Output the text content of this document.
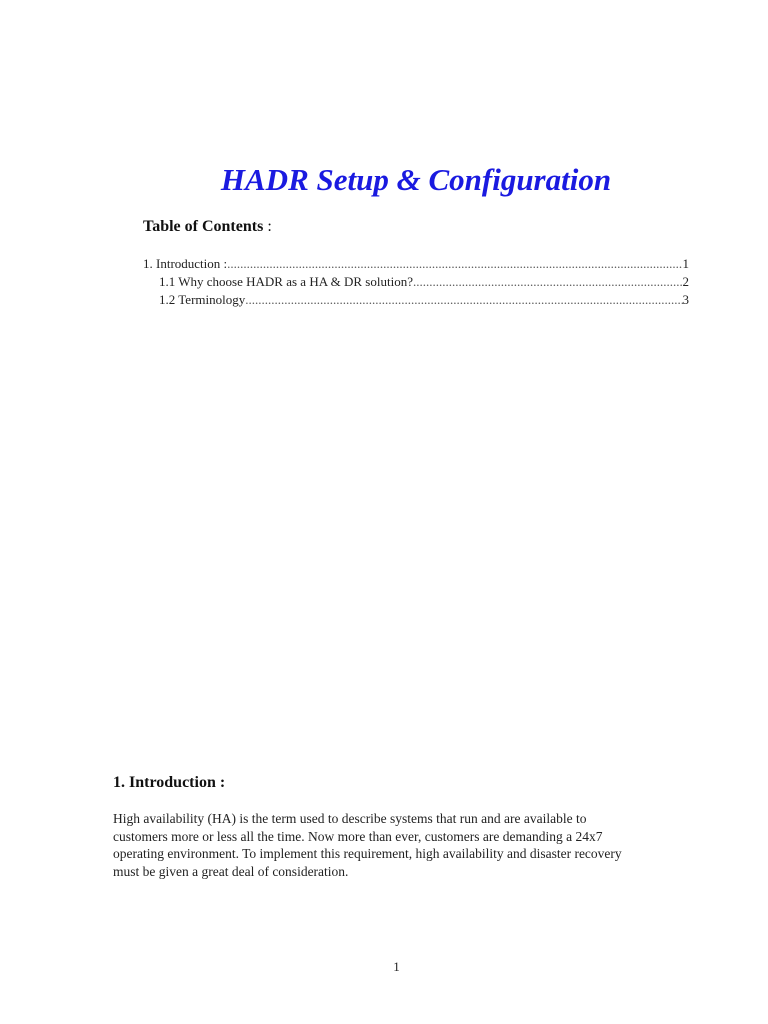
HADR Setup & Configuration
Table of Contents :
1. Introduction : .....	1
1.1 Why choose HADR as a HA & DR solution? .....	2
1.2 Terminology .....	3
1. Introduction :
High availability (HA) is the term used to describe systems that run and are available to
customers more or less all the time. Now more than ever, customers are demanding a 24x7
operating environment. To implement this requirement, high availability and disaster recovery
must be given a great deal of consideration.
1
